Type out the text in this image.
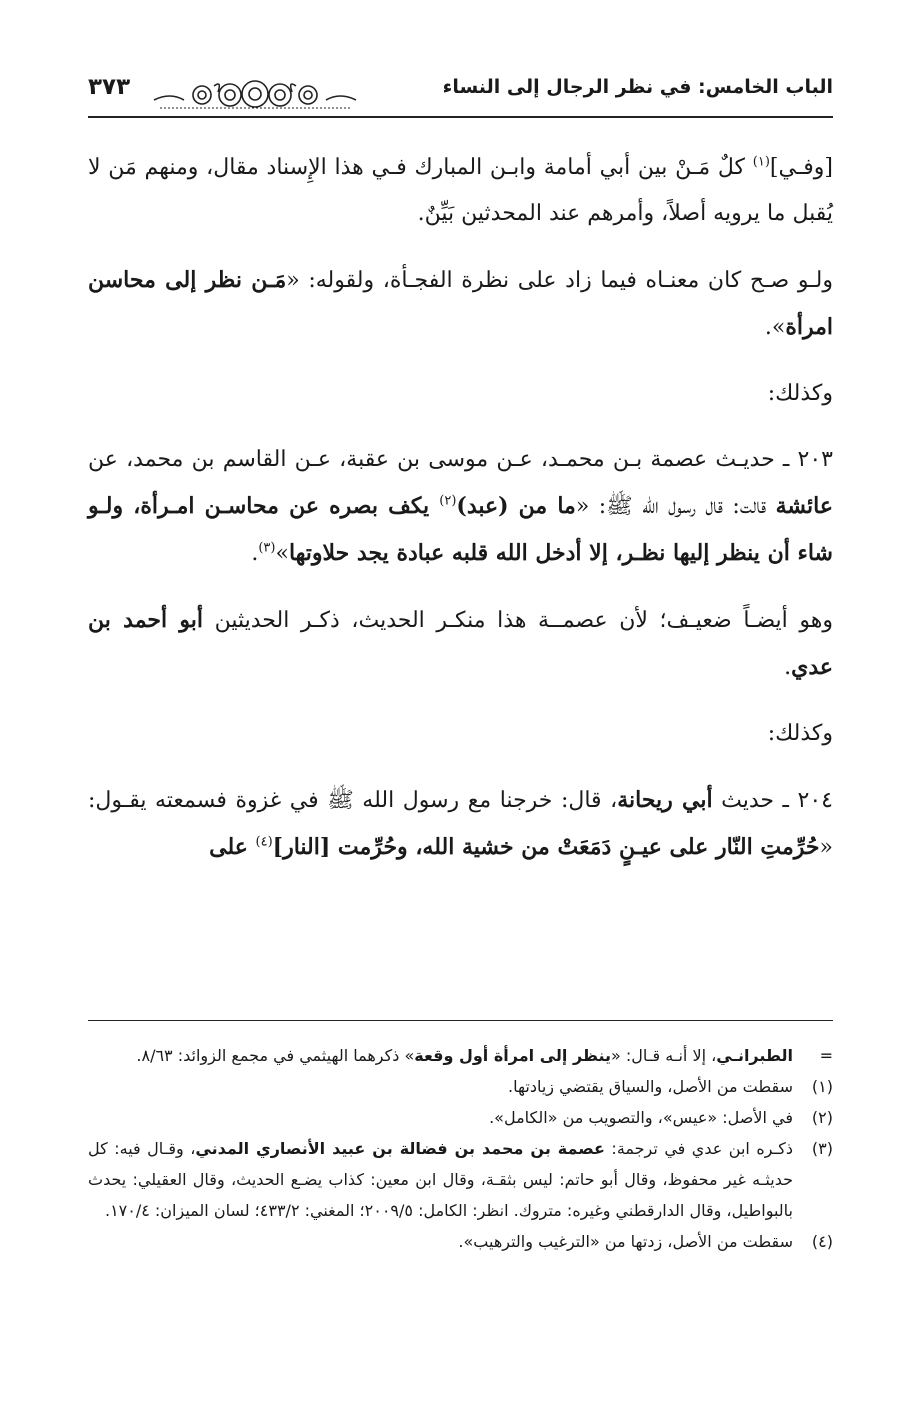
الباب الخامس: في نظر الرجال إلى النساء
٣٧٣

[وفـي]$^{(١)}$ كلٌ مَـنْ بين أبي أمامة وابـن المبارك فـي هذا الإِسناد مقال، ومنهم مَن لا يُقبل ما يرويه أصلاً، وأمرهم عند المحدثين بَيِّنٌ.

ولـو صـح كان معنـاه فيما زاد على نظرة الفجـأة، ولقوله: «مَـن نظر إلى محاسن امرأة».

وكذلك:

٢٠٣ ـ حديـث عصمة بـن محمـد، عـن موسى بن عقبة، عـن القاسم بن محمد، عن عائشة قالت: قال رسول الله ﷺ: «ما من (عبد)$^{(٢)}$ يكف بصره عن محاسـن امـرأة، ولـو شاء أن ينظر إليها نظـر، إلا أدخل الله قلبه عبادة يجد حلاوتها»$^{(٣)}$.

وهو أيضـاً ضعيـف؛ لأن عصمــة هذا منكـر الحديث، ذكـر الحديثين أبو أحمد بن عدي.

وكذلك:

٢٠٤ ـ حديث أبي ريحانة، قال: خرجنا مع رسول الله ﷺ في غزوة فسمعته يقـول: «حُرِّمتِ النّار على عيـنٍ دَمَعَتْ من خشية الله، وحُرِّمت [النار]$^{(٤)}$ على

=
الطبرانـي، إلا أنـه قـال: «ينظر إلى امرأة أول وقعة» ذكرهما الهيثمي في مجمع الزوائد: ٨/٦٣.
(١)
سقطت من الأصل، والسياق يقتضي زيادتها.
(٢)
في الأصل: «عيس»، والتصويب من «الكامل».
(٣)
ذكـره ابن عدي في ترجمة: عصمة بن محمد بن فضالة بن عبيد الأنصاري المدني، وقـال فيه: كل حديثـه غير محفوظ، وقال أبو حاتم: ليس بثقـة، وقال ابن معين: كذاب يضـع الحديث، وقال العقيلي: يحدث بالبواطيل، وقال الدارقطني وغيره: متروك. انظر: الكامل: ٢٠٠٩/٥؛ المغني: ٤٣٣/٢؛ لسان الميزان: ١٧٠/٤.
(٤)
سقطت من الأصل، زدتها من «الترغيب والترهيب».
